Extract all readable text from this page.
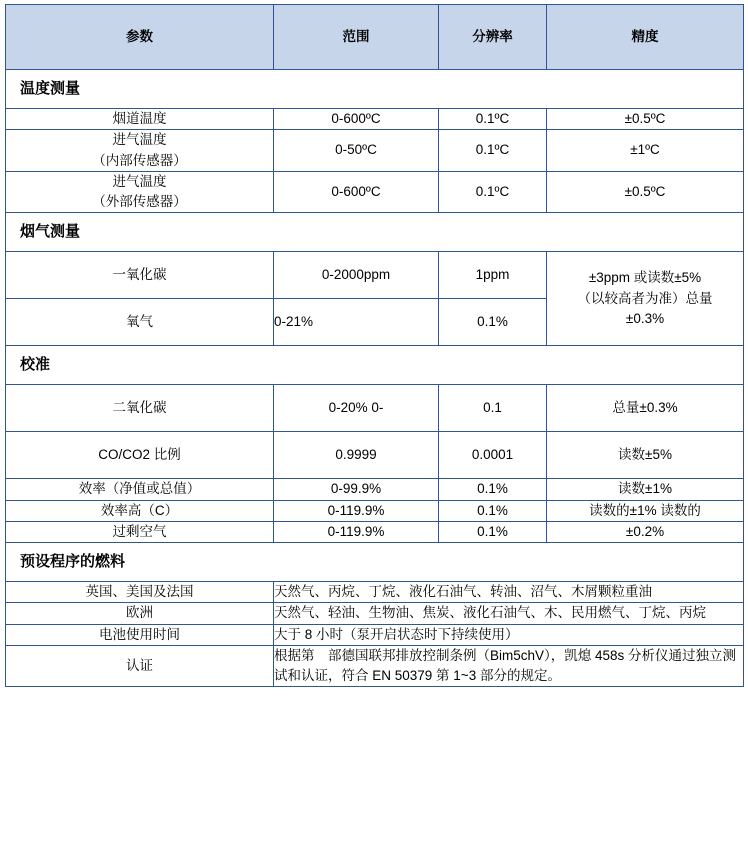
参数	范围	分辨率	精度
温度测量			
烟道温度	0-600ºC	0.1ºC	±0.5ºC
进气温度
（内部传感器）	0-50ºC	0.1ºC	±1ºC
进气温度
（外部传感器）	0-600ºC	0.1ºC	±0.5ºC
烟气测量			
一氧化碳	0-2000ppm	1ppm	±3ppm 或读数±5%
（以较高者为准）总量
±0.3%

氧气	0-21%	0.1%	
校准			
二氧化碳	0-20% 0-	0.1	总量±0.3%
CO/CO2 比例	0.9999	0.0001	读数±5%
效率（净值或总值）	0-99.9%	0.1%	读数±1%
效率高（C）	0-119.9%	0.1%	读数的±1% 读数的
过剩空气	0-119.9%	0.1%	±0.2%
预设程序的燃料			
英国、美国及法国	天然气、丙烷、丁烷、液化石油气、转油、沼气、木屑颗粒重油		
欧洲	天然气、轻油、生物油、焦炭、液化石油气、木、民用燃气、丁烷、丙烷		
电池使用时间	大于 8 小时（泵开启状态时下持续使用）		
认证	根据第　部德国联邦排放控制条例（Bim5chV），凯熄 458s 分析仪通过独立测试和认证，符合 EN 50379 第 1~3 部分的规定。		
